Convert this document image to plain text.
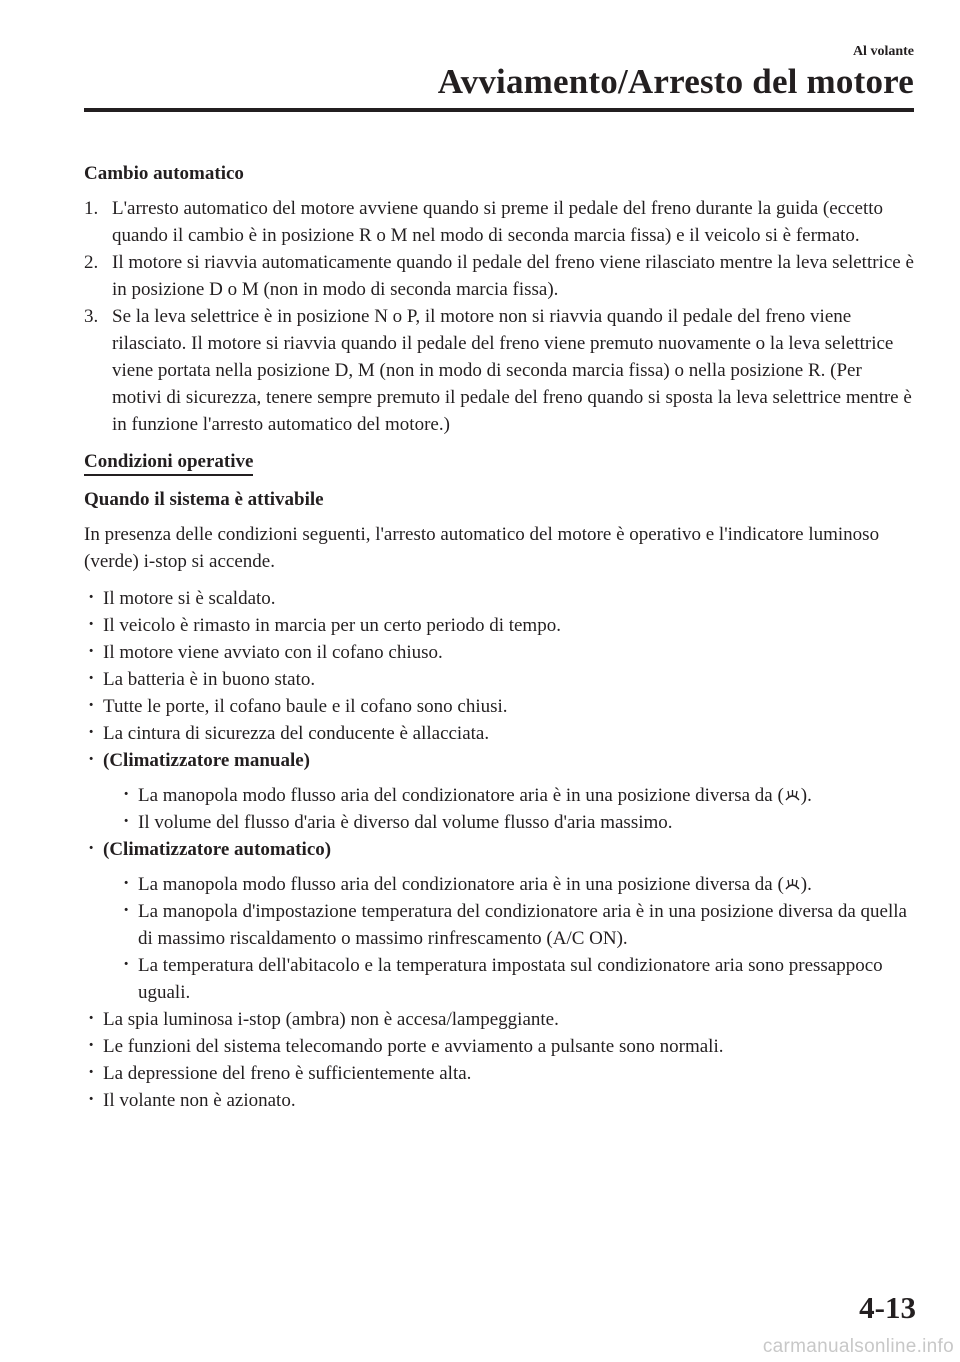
Al volante
Avviamento/Arresto del motore
Cambio automatico
1. L'arresto automatico del motore avviene quando si preme il pedale del freno durante la guida (eccetto quando il cambio è in posizione R o M nel modo di seconda marcia fissa) e il veicolo si è fermato.
2. Il motore si riavvia automaticamente quando il pedale del freno viene rilasciato mentre la leva selettrice è in posizione D o M (non in modo di seconda marcia fissa).
3. Se la leva selettrice è in posizione N o P, il motore non si riavvia quando il pedale del freno viene rilasciato. Il motore si riavvia quando il pedale del freno viene premuto nuovamente o la leva selettrice viene portata nella posizione D, M (non in modo di seconda marcia fissa) o nella posizione R. (Per motivi di sicurezza, tenere sempre premuto il pedale del freno quando si sposta la leva selettrice mentre è in funzione l'arresto automatico del motore.)
Condizioni operative
Quando il sistema è attivabile

In presenza delle condizioni seguenti, l'arresto automatico del motore è operativo e l'indicatore luminoso (verde) i-stop si accende.

· Il motore si è scaldato.
· Il veicolo è rimasto in marcia per un certo periodo di tempo.
· Il motore viene avviato con il cofano chiuso.
· La batteria è in buono stato.
· Tutte le porte, il cofano baule e il cofano sono chiusi.
· La cintura di sicurezza del conducente è allacciata.
· (Climatizzatore manuale)
· La manopola modo flusso aria del condizionatore aria è in una posizione diversa da ( ).
· Il volume del flusso d'aria è diverso dal volume flusso d'aria massimo.
· (Climatizzatore automatico)
· La manopola modo flusso aria del condizionatore aria è in una posizione diversa da ( ).
· La manopola d'impostazione temperatura del condizionatore aria è in una posizione diversa da quella di massimo riscaldamento o massimo rinfrescamento (A/C ON).
· La temperatura dell'abitacolo e la temperatura impostata sul condizionatore aria sono pressappoco uguali.
· La spia luminosa i-stop (ambra) non è accesa/lampeggiante.
· Le funzioni del sistema telecomando porte e avviamento a pulsante sono normali.
· La depressione del freno è sufficientemente alta.
· Il volante non è azionato.
4-13
carmanualsonline.info
